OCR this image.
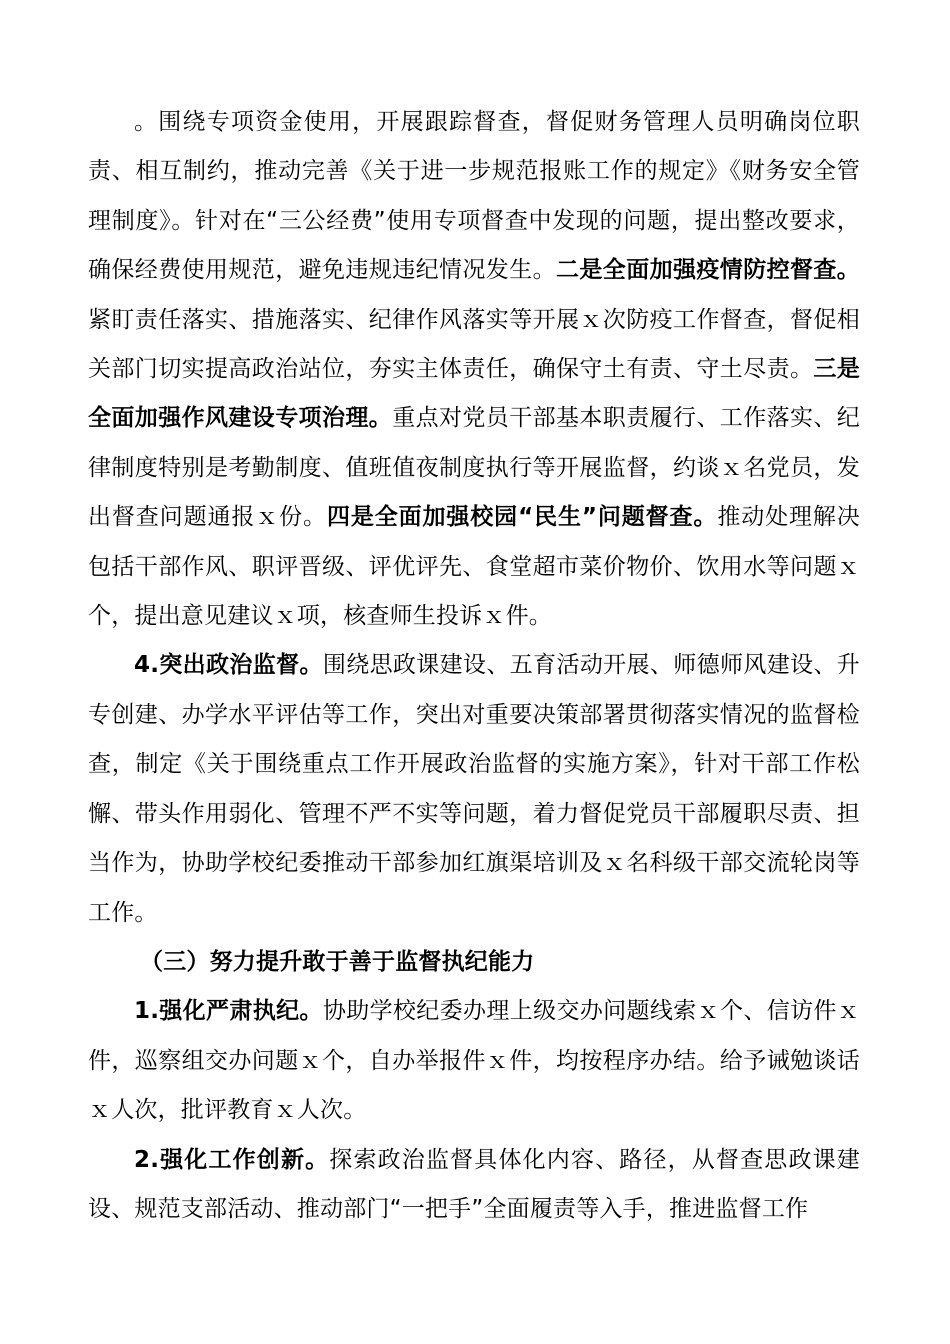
。围绕专项资金使用，开展跟踪督查，督促财务管理人员明确岗位职责、相互制约，推动完善《关于进一步规范报账工作的规定》《财务安全管理制度》。针对在“三公经费”使用专项督查中发现的问题，提出整改要求，确保经费使用规范，避免违规违纪情况发生。二是全面加强疫情防控督查。紧盯责任落实、措施落实、纪律作风落实等开展ｘ次防疫工作督查，督促相关部门切实提高政治站位，夯实主体责任，确保守土有责、守土尽责。三是全面加强作风建设专项治理。重点对党员干部基本职责履行、工作落实、纪律制度特别是考勤制度、值班值夜制度执行等开展监督，约谈ｘ名党员，发出督查问题通报ｘ份。四是全面加强校园“民生”问题督查。推动处理解决包括干部作风、职评晋级、评优评先、食堂超市菜价物价、饮用水等问题ｘ个，提出意见建议ｘ项，核查师生投诉ｘ件。

4.突出政治监督。围绕思政课建设、五育活动开展、师德师风建设、升专创建、办学水平评估等工作，突出对重要决策部署贯彻落实情况的监督检查，制定《关于围绕重点工作开展政治监督的实施方案》，针对干部工作松懈、带头作用弱化、管理不严不实等问题，着力督促党员干部履职尽责、担当作为，协助学校纪委推动干部参加红旗渠培训及ｘ名科级干部交流轮岗等工作。

（三）努力提升敢于善于监督执纪能力

1.强化严肃执纪。协助学校纪委办理上级交办问题线索ｘ个、信访件ｘ件，巡察组交办问题ｘ个，自办举报件ｘ件，均按程序办结。给予诫勉谈话ｘ人次，批评教育ｘ人次。

2.强化工作创新。探索政治监督具体化内容、路径，从督查思政课建设、规范支部活动、推动部门“一把手”全面履责等入手，推进监督工作
